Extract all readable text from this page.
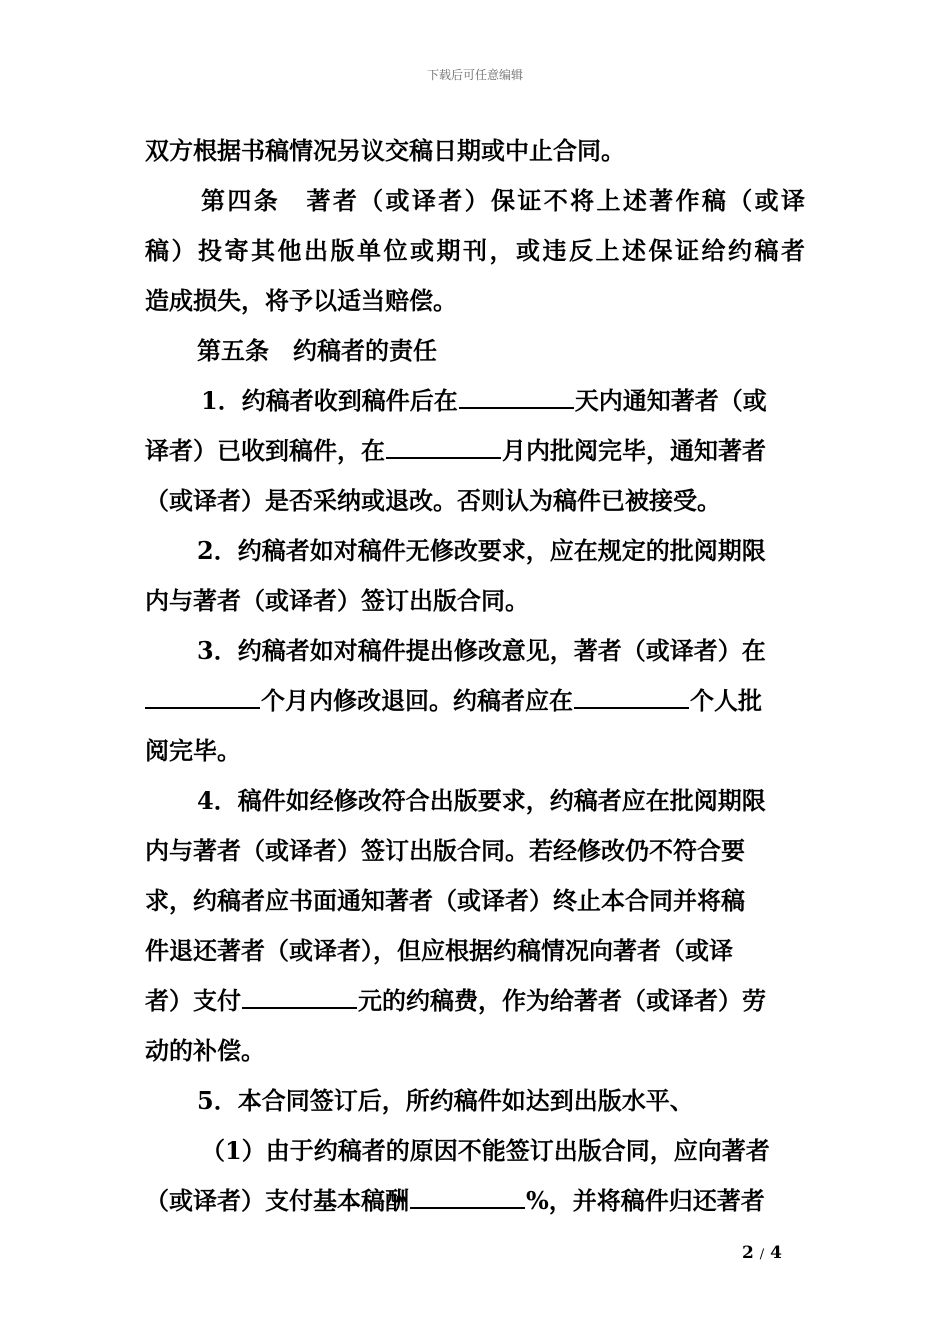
下载后可任意编辑
双方根据书稿情况另议交稿日期或中止合同。
第四条　著者（或译者）保证不将上述著作稿（或译
稿）投寄其他出版单位或期刊，或违反上述保证给约稿者
造成损失，将予以适当赔偿。
第五条　约稿者的责任
1．约稿者收到稿件后在	天内通知著者（或
译者）已收到稿件，在	月内批阅完毕，通知著者
（或译者）是否采纳或退改。否则认为稿件已被接受。
2．约稿者如对稿件无修改要求，应在规定的批阅期限
内与著者（或译者）签订出版合同。
3．约稿者如对稿件提出修改意见，著者（或译者）在
个月内修改退回。约稿者应在	个人批
阅完毕。
4．稿件如经修改符合出版要求，约稿者应在批阅期限
内与著者（或译者）签订出版合同。若经修改仍不符合要
求，约稿者应书面通知著者（或译者）终止本合同并将稿
件退还著者（或译者），但应根据约稿情况向著者（或译
者）支付	元的约稿费，作为给著者（或译者）劳
动的补偿。
5．本合同签订后，所约稿件如达到出版水平、
（1）由于约稿者的原因不能签订出版合同，应向著者
（或译者）支付基本稿酬	%，并将稿件归还著者
2 / 4
